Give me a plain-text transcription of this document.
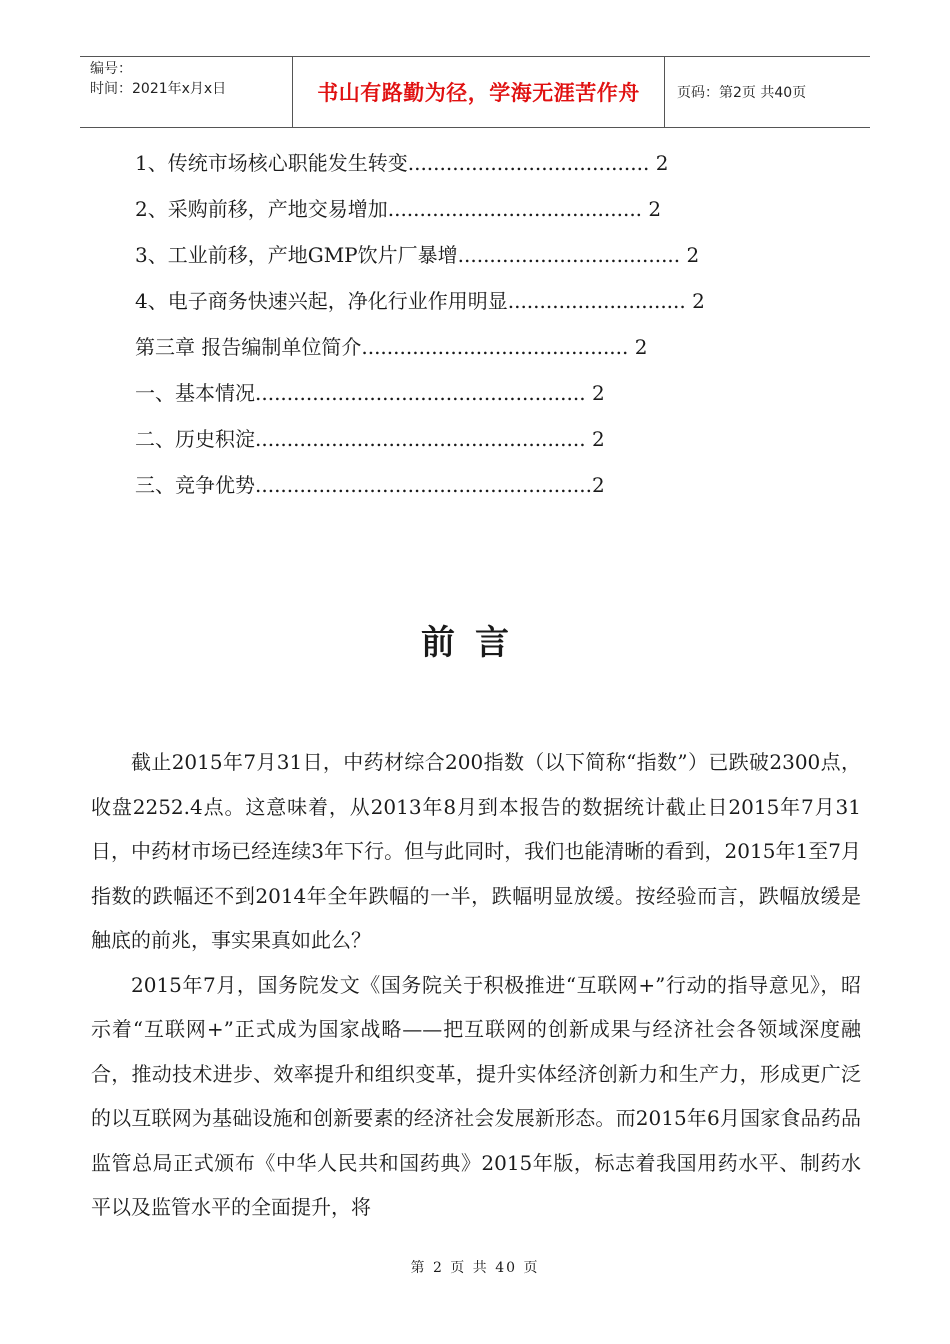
编号：
时间：2021年x月x日	书山有路勤为径，学海无涯苦作舟	页码：第2页 共40页
1、传统市场核心职能发生转变 ......................................
2
2、采购前移，产地交易增加 ........................................
2
3、工业前移，产地GMP饮片厂暴增 ...................................
2
4、电子商务快速兴起，净化行业作用明显 ............................
2
第三章 报告编制单位简介 ..........................................
2
一、基本情况 ....................................................
2
二、历史积淀 ....................................................
2
三、竞争优势 ..................................................... 2
前言

截止2015年7月31日，中药材综合200指数（以下简称“指数”）已跌破2300点，收盘2252.4点。这意味着，从2013年8月到本报告的数据统计截止日2015年7月31日，中药材市场已经连续3年下行。但与此同时，我们也能清晰的看到，2015年1至7月指数的跌幅还不到2014年全年跌幅的一半，跌幅明显放缓。按经验而言，跌幅放缓是触底的前兆，事实果真如此么？

2015年7月，国务院发文《国务院关于积极推进“互联网+”行动的指导意见》，昭示着“互联网+”正式成为国家战略——把互联网的创新成果与经济社会各领域深度融合，推动技术进步、效率提升和组织变革，提升实体经济创新力和生产力，形成更广泛的以互联网为基础设施和创新要素的经济社会发展新形态。而2015年6月国家食品药品监管总局正式颁布《中华人民共和国药典》2015年版，标志着我国用药水平、制药水平以及监管水平的全面提升，将

第 2 页 共 40 页
